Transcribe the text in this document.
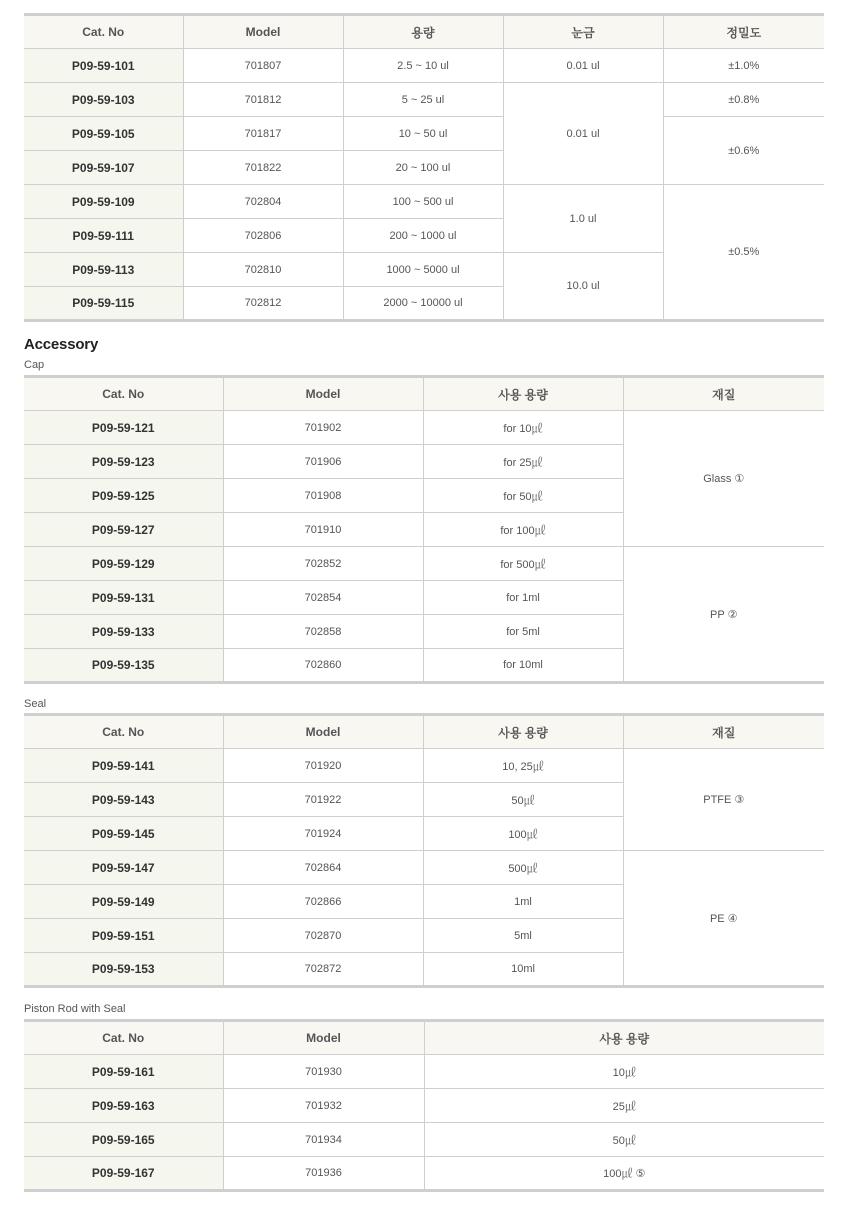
Cat. No	Model	용량	눈금	정밀도
P09-59-101	701807	2.5 ~ 10 ul	0.01 ul	±1.0%
P09-59-103	701812	5 ~ 25 ul	0.01 ul	±0.8%
P09-59-105	701817	10 ~ 50 ul		±0.6%
P09-59-107	701822	20 ~ 100 ul		
P09-59-109	702804	100 ~ 500 ul	1.0 ul	±0.5%
P09-59-111	702806	200 ~ 1000 ul		
P09-59-113	702810	1000 ~ 5000 ul	10.0 ul	
P09-59-115	702812	2000 ~ 10000 ul		
Accessory
Cap
Cat. No	Model	사용 용량	재질
P09-59-121	701902	for 10㎕	Glass ①
P09-59-123	701906	for 25㎕	
P09-59-125	701908	for 50㎕	
P09-59-127	701910	for 100㎕	
P09-59-129	702852	for 500㎕	PP ②
P09-59-131	702854	for 1ml	
P09-59-133	702858	for 5ml	
P09-59-135	702860	for 10ml	
Seal
Cat. No	Model	사용 용량	재질
P09-59-141	701920	10, 25㎕	PTFE ③
P09-59-143	701922	50㎕	
P09-59-145	701924	100㎕	
P09-59-147	702864	500㎕	PE ④
P09-59-149	702866	1ml	
P09-59-151	702870	5ml	
P09-59-153	702872	10ml	
Piston Rod with Seal
Cat. No	Model	사용 용량
P09-59-161	701930	10㎕
P09-59-163	701932	25㎕
P09-59-165	701934	50㎕
P09-59-167	701936	100㎕ ⑤
